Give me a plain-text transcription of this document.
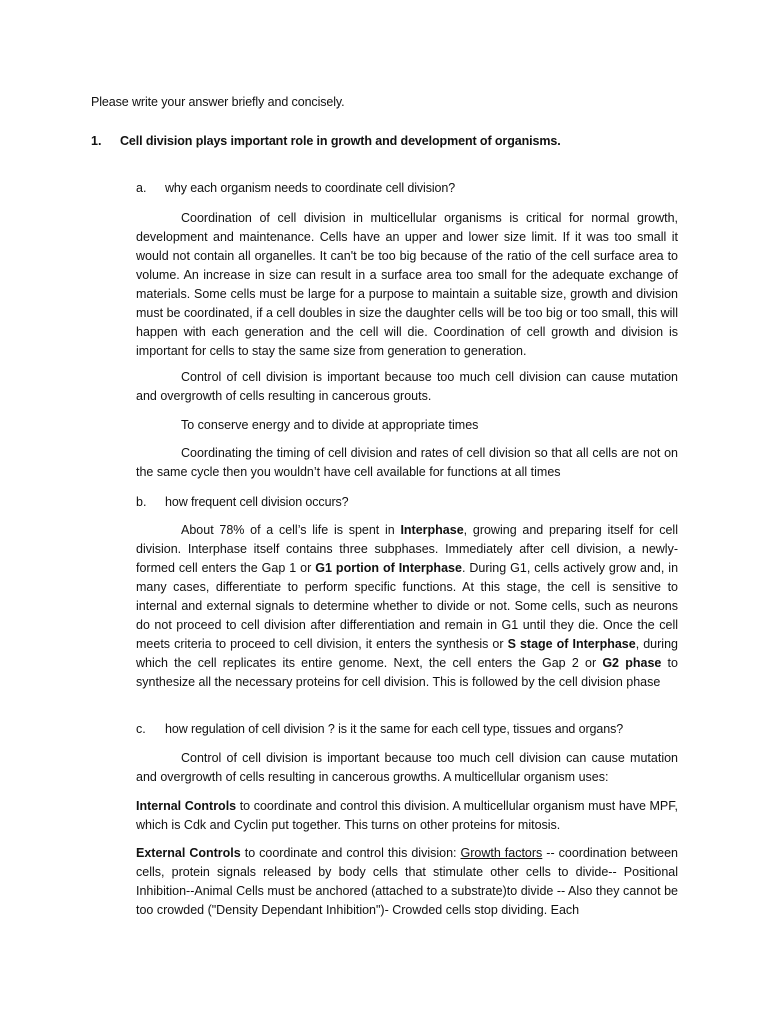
Please write your answer briefly and concisely.
1. Cell division plays important role in growth and development of organisms.
a. why each organism needs to coordinate cell division?

Coordination of cell division in multicellular organisms is critical for normal growth, development and maintenance. Cells have an upper and lower size limit. If it was too small it would not contain all organelles. It can't be too big because of the ratio of the cell surface area to volume. An increase in size can result in a surface area too small for the adequate exchange of materials. Some cells must be large for a purpose to maintain a suitable size, growth and division must be coordinated, if a cell doubles in size the daughter cells will be too big or too small, this will happen with each generation and the cell will die. Coordination of cell growth and division is important for cells to stay the same size from generation to generation.

Control of cell division is important because too much cell division can cause mutation and overgrowth of cells resulting in cancerous grouts.

To conserve energy and to divide at appropriate times

Coordinating the timing of cell division and rates of cell division so that all cells are not on the same cycle then you wouldn’t have cell available for functions at all times

b. how frequent cell division occurs?

About 78% of a cell’s life is spent in Interphase, growing and preparing itself for cell division. Interphase itself contains three subphases. Immediately after cell division, a newly-formed cell enters the Gap 1 or G1 portion of Interphase. During G1, cells actively grow and, in many cases, differentiate to perform specific functions. At this stage, the cell is sensitive to internal and external signals to determine whether to divide or not. Some cells, such as neurons do not proceed to cell division after differentiation and remain in G1 until they die. Once the cell meets criteria to proceed to cell division, it enters the synthesis or S stage of Interphase, during which the cell replicates its entire genome. Next, the cell enters the Gap 2 or G2 phase to synthesize all the necessary proteins for cell division. This is followed by the cell division phase

c. how regulation of cell division ? is it the same for each cell type, tissues and organs?

Control of cell division is important because too much cell division can cause mutation and overgrowth of cells resulting in cancerous growths. A multicellular organism uses:

Internal Controls to coordinate and control this division. A multicellular organism must have MPF, which is Cdk and Cyclin put together. This turns on other proteins for mitosis.

External Controls to coordinate and control this division: Growth factors -- coordination between cells, protein signals released by body cells that stimulate other cells to divide-- Positional Inhibition--Animal Cells must be anchored (attached to a substrate)to divide -- Also they cannot be too crowded ("Density Dependant Inhibition")- Crowded cells stop dividing. Each
